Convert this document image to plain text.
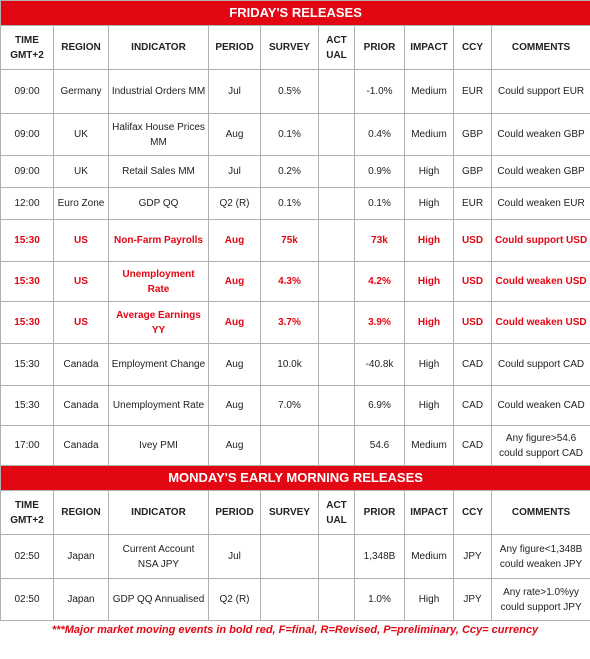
FRIDAY'S RELEASES									
TIME
GMT+2	REGION	INDICATOR	PERIOD	SURVEY	ACT UAL	PRIOR	IMPACT	CCY	COMMENTS
09:00	Germany	Industrial Orders MM	Jul	0.5%		-1.0%	Medium	EUR	Could support EUR
09:00	UK	Halifax House Prices MM	Aug	0.1%		0.4%	Medium	GBP	Could weaken GBP
09:00	UK	Retail Sales MM	Jul	0.2%		0.9%	High	GBP	Could weaken GBP
12:00	Euro Zone	GDP QQ	Q2 (R)	0.1%		0.1%	High	EUR	Could weaken EUR
15:30	US	Non-Farm Payrolls	Aug	75k		73k	High	USD	Could support USD
15:30	US	Unemployment Rate	Aug	4.3%		4.2%	High	USD	Could weaken USD
15:30	US	Average Earnings YY	Aug	3.7%		3.9%	High	USD	Could weaken USD
15:30	Canada	Employment Change	Aug	10.0k		-40.8k	High	CAD	Could support CAD
15:30	Canada	Unemployment Rate	Aug	7.0%		6.9%	High	CAD	Could weaken CAD
17:00	Canada	Ivey PMI	Aug			54.6	Medium	CAD	Any figure>54.6 could support CAD
MONDAY'S EARLY MORNING RELEASES									
TIME
GMT+2	REGION	INDICATOR	PERIOD	SURVEY	ACT UAL	PRIOR	IMPACT	CCY	COMMENTS
02:50	Japan	Current Account NSA JPY	Jul			1,348B	Medium	JPY	Any figure<1,348B could weaken JPY
02:50	Japan	GDP QQ Annualised	Q2 (R)			1.0%	High	JPY	Any rate>1.0%yy could support JPY
***Major market moving events in bold red, F=final, R=Revised, P=preliminary, Ccy= currency
